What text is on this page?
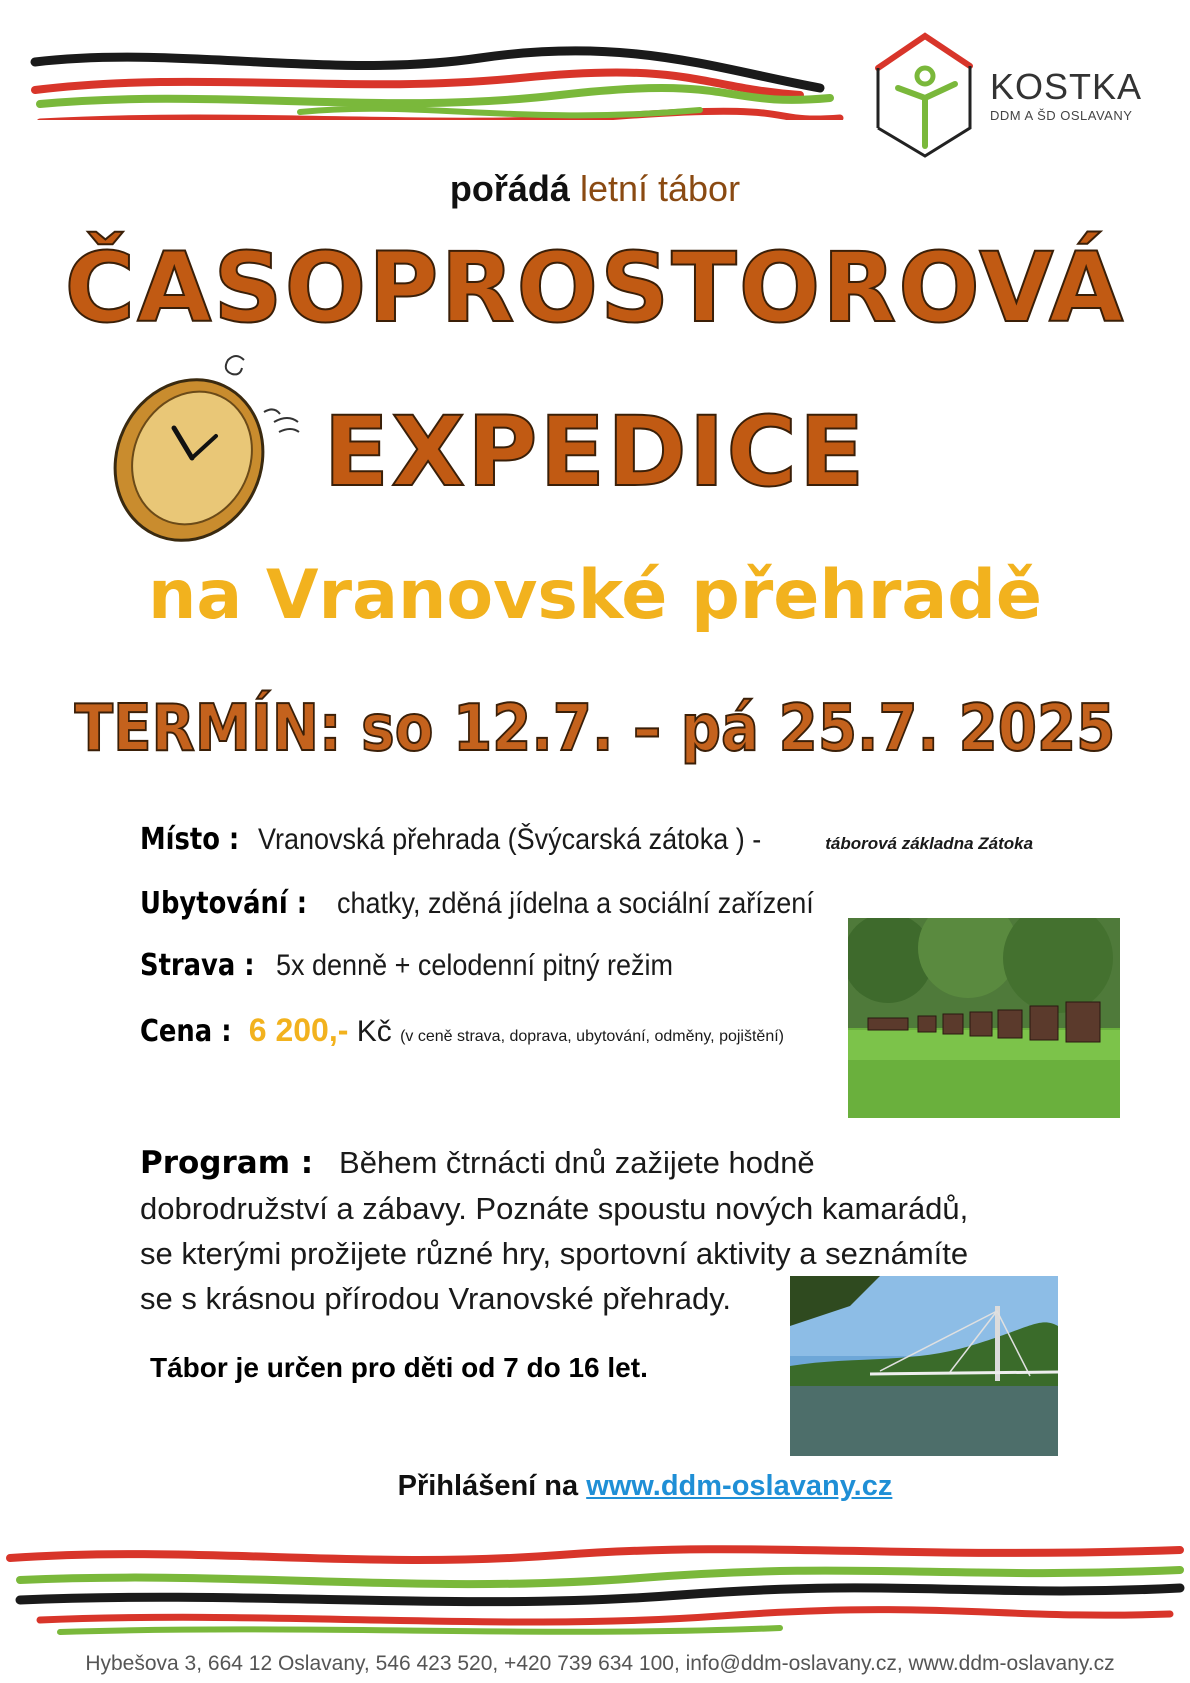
KOSTKA
DDM A ŠD OSLAVANY
pořádá letní tábor
ČASOPROSTOROVÁ
EXPEDICE
na Vranovské přehradě
TERMÍN: so 12.7. – pá 25.7. 2025
Místo : Vranovská přehrada (Švýcarská zátoka ) -	táborová základna Zátoka
Ubytování : chatky, zděná jídelna a sociální zařízení
Strava : 5x denně + celodenní pitný režim
Cena : 6 200,- Kč (v ceně strava, doprava, ubytování, odměny, pojištění)
Program : Během čtrnácti dnů zažijete hodně dobrodružství a zábavy. Poznáte spoustu nových kamarádů, se kterými prožijete různé hry, sportovní aktivity a seznámíte se s krásnou přírodou Vranovské přehrady.
Tábor je určen pro děti od 7 do 16 let.
Přihlášení na www.ddm-oslavany.cz
Hybešova 3, 664 12 Oslavany, 546 423 520, +420 739 634 100, info@ddm-oslavany.cz, www.ddm-oslavany.cz
